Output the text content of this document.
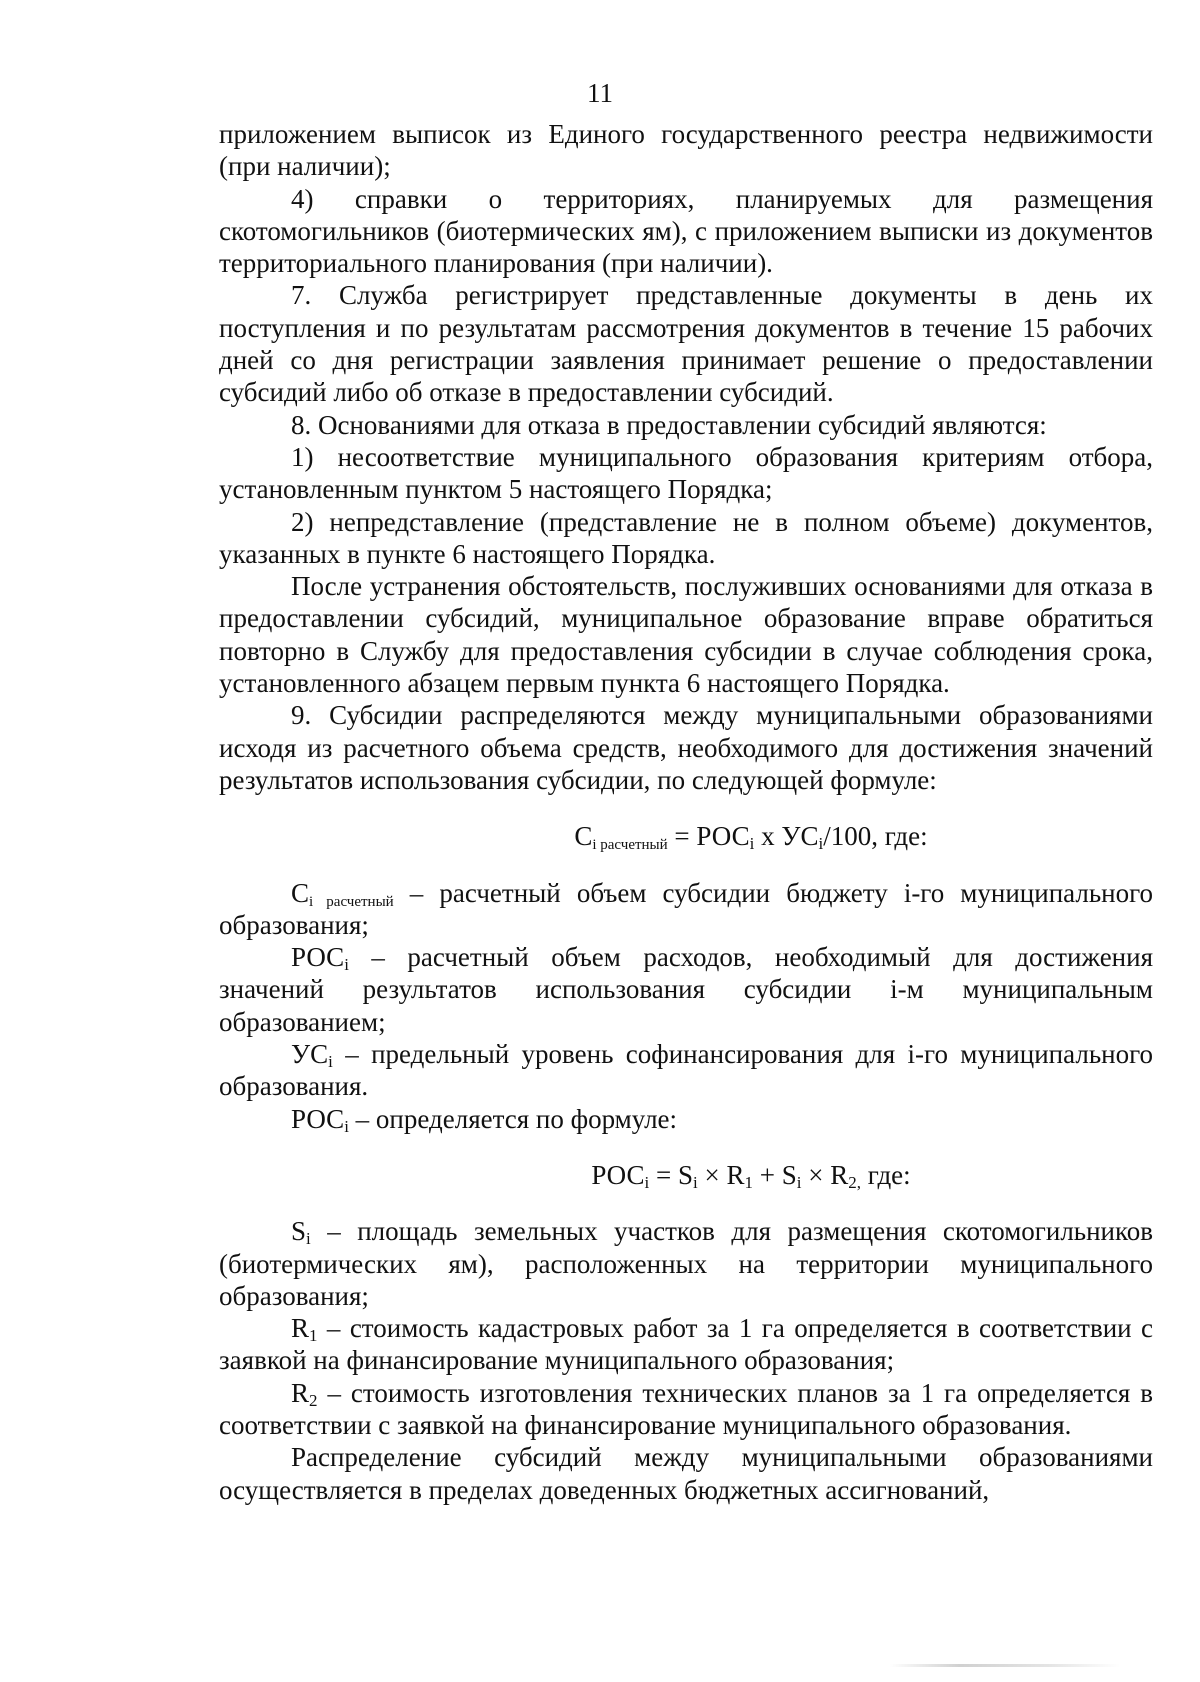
11

приложением выписок из Единого государственного реестра недвижимости (при наличии);

4) справки о территориях, планируемых для размещения скотомогильников (биотермических ям), с приложением выписки из документов территориального планирования (при наличии).

7. Служба регистрирует представленные документы в день их поступления и по результатам рассмотрения документов в течение 15 рабочих дней со дня регистрации заявления принимает решение о предоставлении субсидий либо об отказе в предоставлении субсидий.

8. Основаниями для отказа в предоставлении субсидий являются:

1) несоответствие муниципального образования критериям отбора, установленным пунктом 5 настоящего Порядка;

2) непредставление (представление не в полном объеме) документов, указанных в пункте 6 настоящего Порядка.

После устранения обстоятельств, послуживших основаниями для отказа в предоставлении субсидий, муниципальное образование вправе обратиться повторно в Службу для предоставления субсидии в случае соблюдения срока, установленного абзацем первым пункта 6 настоящего Порядка.

9. Субсидии распределяются между муниципальными образованиями исходя из расчетного объема средств, необходимого для достижения значений результатов использования субсидии, по следующей формуле:

$C_{i расчетный} = РОС_i$ x $УС_i/100$, где:

$C_{i расчетный}$ – расчетный объем субсидии бюджету i-го муниципального образования;

$РОС_i$ – расчетный объем расходов, необходимый для достижения значений результатов использования субсидии i-м муниципальным образованием;

$УС_i$ – предельный уровень софинансирования для i-го муниципального образования.

$РОС_i$ – определяется по формуле:

$РОС_i = S_i \times R_1 + S_i \times R_{2,}$ где:

$S_i$ – площадь земельных участков для размещения скотомогильников (биотермических ям), расположенных на территории муниципального образования;

$R_1$ – стоимость кадастровых работ за 1 га определяется в соответствии с заявкой на финансирование муниципального образования;

$R_2$ – стоимость изготовления технических планов за 1 га определяется в соответствии с заявкой на финансирование муниципального образования.

Распределение субсидий между муниципальными образованиями осуществляется в пределах доведенных бюджетных ассигнований,
